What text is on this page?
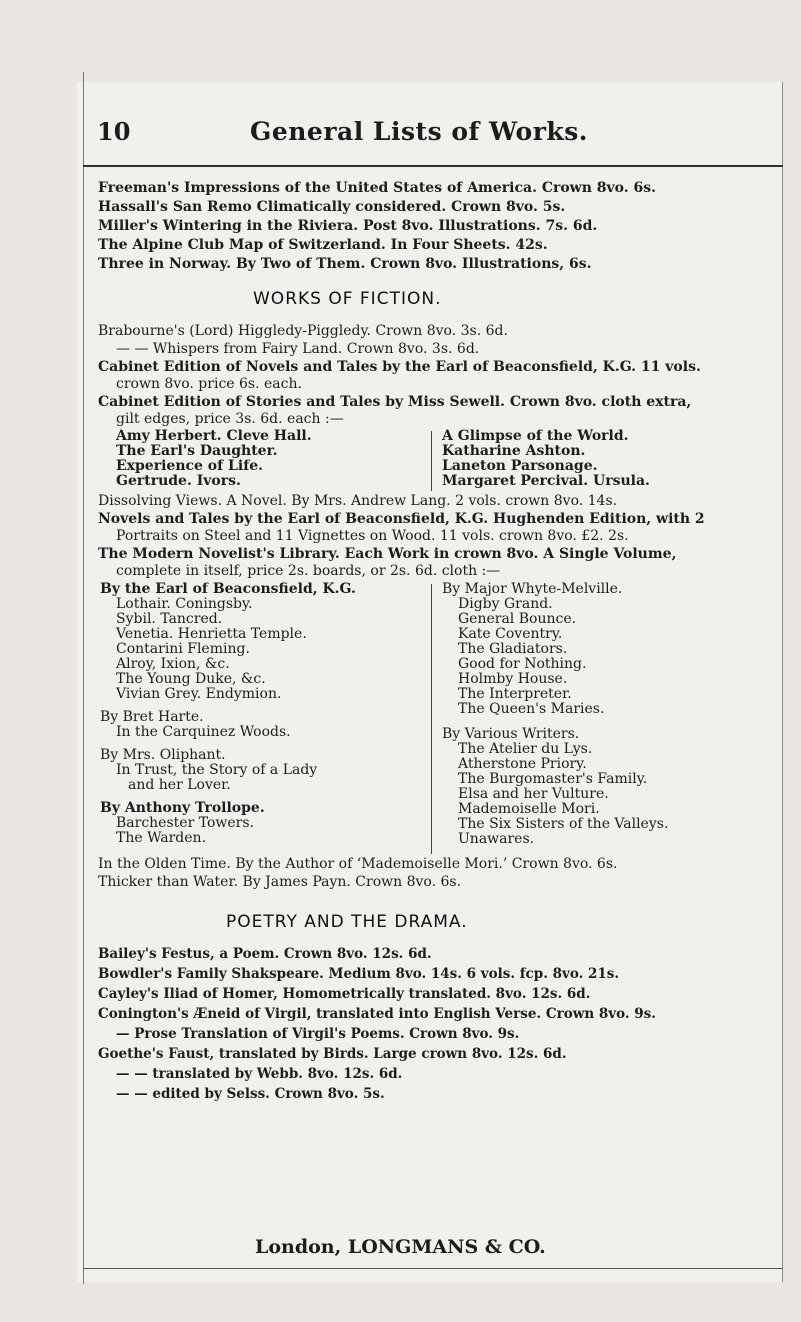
10	General Lists of Works.
Freeman's Impressions of the United States of America. Crown 8vo. 6s.
Hassall's San Remo Climatically considered. Crown 8vo. 5s.
Miller's Wintering in the Riviera. Post 8vo. Illustrations. 7s. 6d.
The Alpine Club Map of Switzerland. In Four Sheets. 42s.
Three in Norway. By Two of Them. Crown 8vo. Illustrations, 6s.
WORKS OF FICTION.
Brabourne's (Lord) Higgledy-Piggledy. Crown 8vo. 3s. 6d.
— — Whispers from Fairy Land. Crown 8vo. 3s. 6d.
Cabinet Edition of Novels and Tales by the Earl of Beaconsfield, K.G. 11 vols.
crown 8vo. price 6s. each.
Cabinet Edition of Stories and Tales by Miss Sewell. Crown 8vo. cloth extra,
gilt edges, price 3s. 6d. each :—
Amy Herbert. Cleve Hall.
The Earl's Daughter.
Experience of Life.
Gertrude. Ivors.
A Glimpse of the World.
Katharine Ashton.
Laneton Parsonage.
Margaret Percival. Ursula.
Dissolving Views. A Novel. By Mrs. Andrew Lang. 2 vols. crown 8vo. 14s.
Novels and Tales by the Earl of Beaconsfield, K.G. Hughenden Edition, with 2
Portraits on Steel and 11 Vignettes on Wood. 11 vols. crown 8vo. £2. 2s.
The Modern Novelist's Library. Each Work in crown 8vo. A Single Volume,
complete in itself, price 2s. boards, or 2s. 6d. cloth :—
By the Earl of Beaconsfield, K.G.
Lothair. Coningsby.
Sybil. Tancred.
Venetia. Henrietta Temple.
Contarini Fleming.
Alroy, Ixion, &c.
The Young Duke, &c.
Vivian Grey. Endymion.
By Bret Harte.
In the Carquinez Woods.
By Mrs. Oliphant.
In Trust, the Story of a Lady
and her Lover.
By Anthony Trollope.
Barchester Towers.
The Warden.
By Major Whyte-Melville.
Digby Grand.
General Bounce.
Kate Coventry.
The Gladiators.
Good for Nothing.
Holmby House.
The Interpreter.
The Queen's Maries.
By Various Writers.
The Atelier du Lys.
Atherstone Priory.
The Burgomaster's Family.
Elsa and her Vulture.
Mademoiselle Mori.
The Six Sisters of the Valleys.
Unawares.
In the Olden Time. By the Author of ‘Mademoiselle Mori.’ Crown 8vo. 6s.
Thicker than Water. By James Payn. Crown 8vo. 6s.
POETRY AND THE DRAMA.
Bailey's Festus, a Poem. Crown 8vo. 12s. 6d.
Bowdler's Family Shakspeare. Medium 8vo. 14s. 6 vols. fcp. 8vo. 21s.
Cayley's Iliad of Homer, Homometrically translated. 8vo. 12s. 6d.
Conington's Æneid of Virgil, translated into English Verse. Crown 8vo. 9s.
— Prose Translation of Virgil's Poems. Crown 8vo. 9s.
Goethe's Faust, translated by Birds. Large crown 8vo. 12s. 6d.
— — translated by Webb. 8vo. 12s. 6d.
— — edited by Selss. Crown 8vo. 5s.
London, LONGMANS & CO.
